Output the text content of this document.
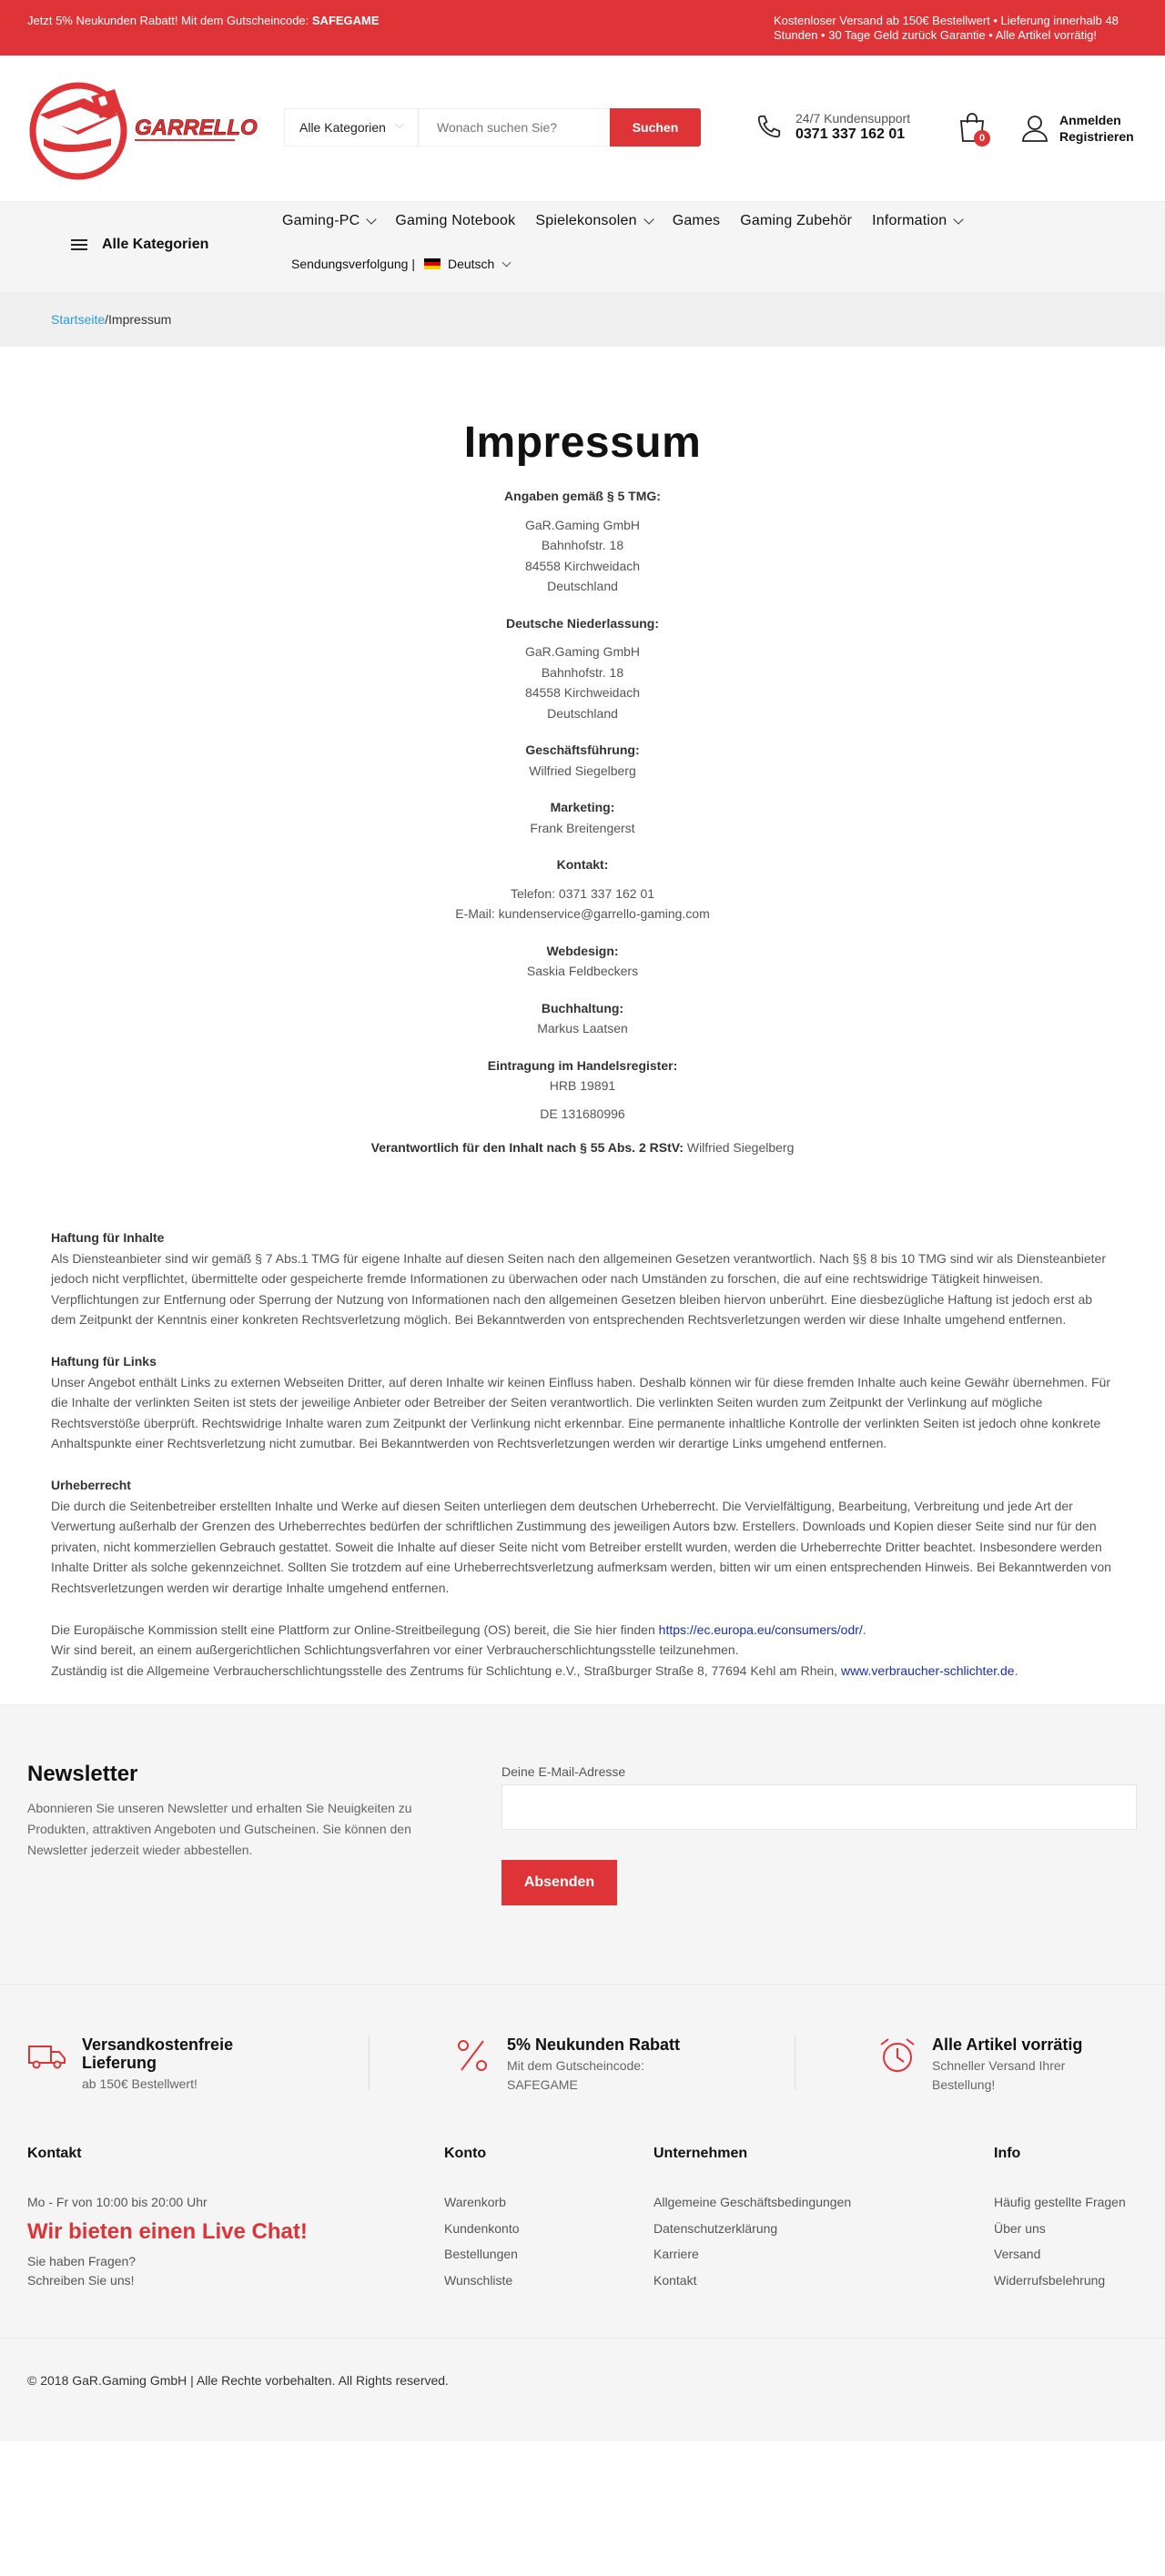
Jetzt 5% Neukunden Rabatt! Mit dem Gutscheincode: SAFEGAME	Kostenloser Versand ab 150€ Bestellwert • Lieferung innerhalb 48 Stunden • 30 Tage Geld zurück Garantie • Alle Artikel vorrätig!
GARRELLO	Alle Kategorien ﹀
Wonach suchen Sie?	Suchen
24/7 Kundensupport
0371 337 162 01	0
Anmelden
Registrieren
Alle Kategorien
Gaming-PC Gaming Notebook Spielekonsolen Games Gaming Zubehör Information
Sendungsverfolgung |	Deutsch
Startseite / Impressum
Impressum
Angaben gemäß § 5 TMG:
GaR.Gaming GmbH
Bahnhofstr. 18
84558 Kirchweidach
Deutschland
Deutsche Niederlassung:
GaR.Gaming GmbH
Bahnhofstr. 18
84558 Kirchweidach
Deutschland
Geschäftsführung:
Wilfried Siegelberg
Marketing:
Frank Breitengerst
Kontakt:
Telefon: 0371 337 162 01
E-Mail: kundenservice@garrello-gaming.com
Webdesign:
Saskia Feldbeckers
Buchhaltung:
Markus Laatsen
Eintragung im Handelsregister:
HRB 19891
DE 131680996
Verantwortlich für den Inhalt nach § 55 Abs. 2 RStV: Wilfried Siegelberg
Haftung für Inhalte
Als Diensteanbieter sind wir gemäß § 7 Abs.1 TMG für eigene Inhalte auf diesen Seiten nach den allgemeinen Gesetzen verantwortlich. Nach §§ 8 bis 10 TMG sind wir als Diensteanbieter jedoch nicht verpflichtet, übermittelte oder gespeicherte fremde Informationen zu überwachen oder nach Umständen zu forschen, die auf eine rechtswidrige Tätigkeit hinweisen. Verpflichtungen zur Entfernung oder Sperrung der Nutzung von Informationen nach den allgemeinen Gesetzen bleiben hiervon unberührt. Eine diesbezügliche Haftung ist jedoch erst ab dem Zeitpunkt der Kenntnis einer konkreten Rechtsverletzung möglich. Bei Bekanntwerden von entsprechenden Rechtsverletzungen werden wir diese Inhalte umgehend entfernen.
Haftung für Links
Unser Angebot enthält Links zu externen Webseiten Dritter, auf deren Inhalte wir keinen Einfluss haben. Deshalb können wir für diese fremden Inhalte auch keine Gewähr übernehmen. Für die Inhalte der verlinkten Seiten ist stets der jeweilige Anbieter oder Betreiber der Seiten verantwortlich. Die verlinkten Seiten wurden zum Zeitpunkt der Verlinkung auf mögliche Rechtsverstöße überprüft. Rechtswidrige Inhalte waren zum Zeitpunkt der Verlinkung nicht erkennbar. Eine permanente inhaltliche Kontrolle der verlinkten Seiten ist jedoch ohne konkrete Anhaltspunkte einer Rechtsverletzung nicht zumutbar. Bei Bekanntwerden von Rechtsverletzungen werden wir derartige Links umgehend entfernen.
Urheberrecht
Die durch die Seitenbetreiber erstellten Inhalte und Werke auf diesen Seiten unterliegen dem deutschen Urheberrecht. Die Vervielfältigung, Bearbeitung, Verbreitung und jede Art der Verwertung außerhalb der Grenzen des Urheberrechtes bedürfen der schriftlichen Zustimmung des jeweiligen Autors bzw. Erstellers. Downloads und Kopien dieser Seite sind nur für den privaten, nicht kommerziellen Gebrauch gestattet. Soweit die Inhalte auf dieser Seite nicht vom Betreiber erstellt wurden, werden die Urheberrechte Dritter beachtet. Insbesondere werden Inhalte Dritter als solche gekennzeichnet. Sollten Sie trotzdem auf eine Urheberrechtsverletzung aufmerksam werden, bitten wir um einen entsprechenden Hinweis. Bei Bekanntwerden von Rechtsverletzungen werden wir derartige Inhalte umgehend entfernen.
Die Europäische Kommission stellt eine Plattform zur Online-Streitbeilegung (OS) bereit, die Sie hier finden https://ec.europa.eu/consumers/odr/.
Wir sind bereit, an einem außergerichtlichen Schlichtungsverfahren vor einer Verbraucherschlichtungsstelle teilzunehmen.
Zuständig ist die Allgemeine Verbraucherschlichtungsstelle des Zentrums für Schlichtung e.V., Straßburger Straße 8, 77694 Kehl am Rhein, www.verbraucher-schlichter.de.
Newsletter
Abonnieren Sie unseren Newsletter und erhalten Sie Neuigkeiten zu Produkten, attraktiven Angeboten und Gutscheinen. Sie können den Newsletter jederzeit wieder abbestellen.
Deine E-Mail-Adresse
Absenden
Versandkostenfreie Lieferung
ab 150€ Bestellwert!
5% Neukunden Rabatt
Mit dem Gutscheincode: SAFEGAME
Alle Artikel vorrätig
Schneller Versand Ihrer Bestellung!
Kontakt
Mo - Fr von 10:00 bis 20:00 Uhr
Wir bieten einen Live Chat!
Sie haben Fragen?
Schreiben Sie uns!
Konto
Warenkorb
Kundenkonto
Bestellungen
Wunschliste
Unternehmen
Allgemeine Geschäftsbedingungen
Datenschutzerklärung
Karriere
Kontakt
Info
Häufig gestellte Fragen
Über uns
Versand
Widerrufsbelehrung
© 2018 GaR.Gaming GmbH | Alle Rechte vorbehalten. All Rights reserved.
